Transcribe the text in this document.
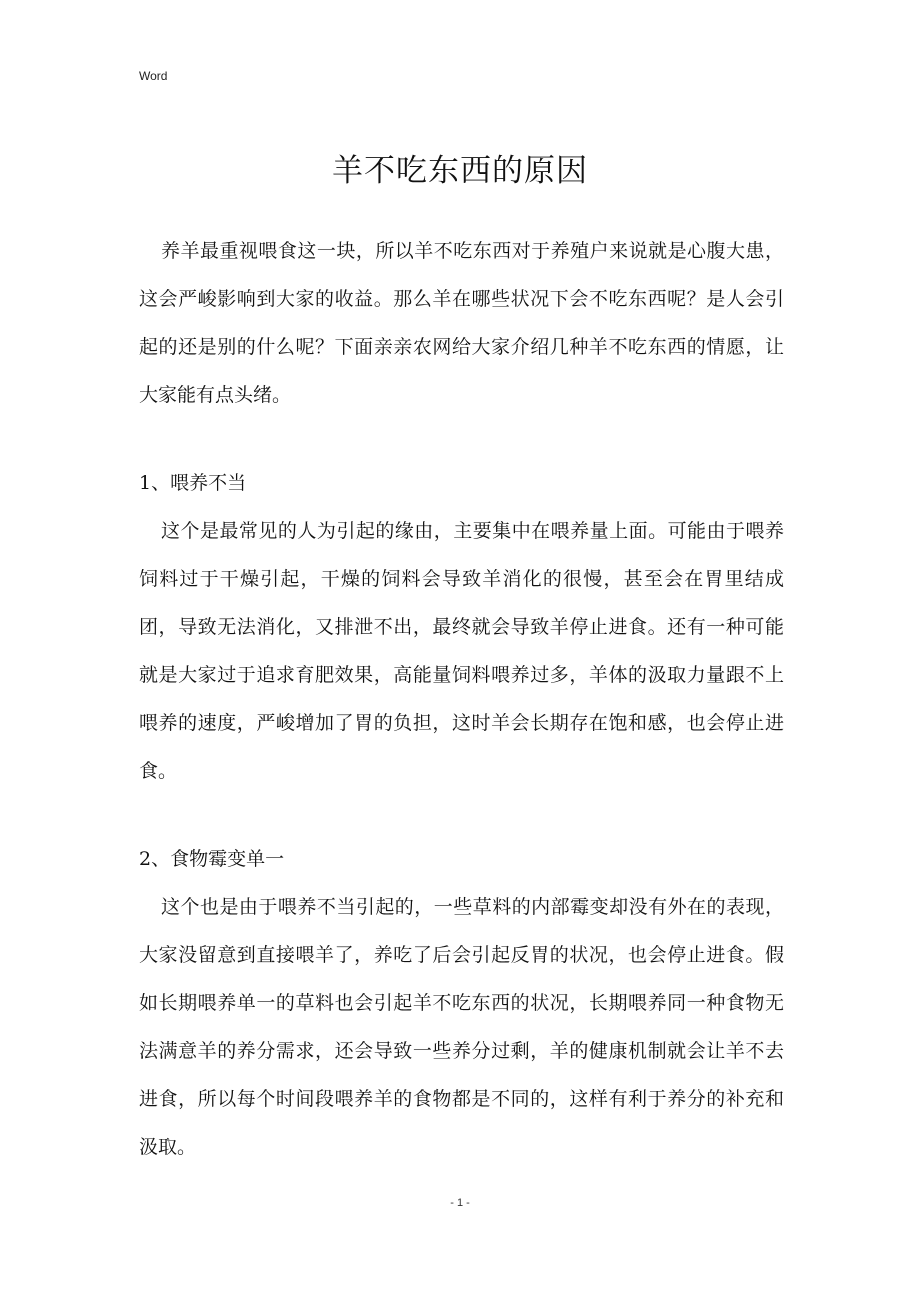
Word
羊不吃东西的原因

养羊最重视喂食这一块，所以羊不吃东西对于养殖户来说就是心腹大患，这会严峻影响到大家的收益。那么羊在哪些状况下会不吃东西呢？是人会引起的还是别的什么呢？下面亲亲农网给大家介绍几种羊不吃东西的情愿，让大家能有点头绪。

1、喂养不当

这个是最常见的人为引起的缘由，主要集中在喂养量上面。可能由于喂养饲料过于干燥引起，干燥的饲料会导致羊消化的很慢，甚至会在胃里结成团，导致无法消化，又排泄不出，最终就会导致羊停止进食。还有一种可能就是大家过于追求育肥效果，高能量饲料喂养过多，羊体的汲取力量跟不上喂养的速度，严峻增加了胃的负担，这时羊会长期存在饱和感，也会停止进食。

2、食物霉变单一

这个也是由于喂养不当引起的，一些草料的内部霉变却没有外在的表现，大家没留意到直接喂羊了，养吃了后会引起反胃的状况，也会停止进食。假如长期喂养单一的草料也会引起羊不吃东西的状况，长期喂养同一种食物无法满意羊的养分需求，还会导致一些养分过剩，羊的健康机制就会让羊不去进食，所以每个时间段喂养羊的食物都是不同的，这样有利于养分的补充和汲取。

- 1 -
